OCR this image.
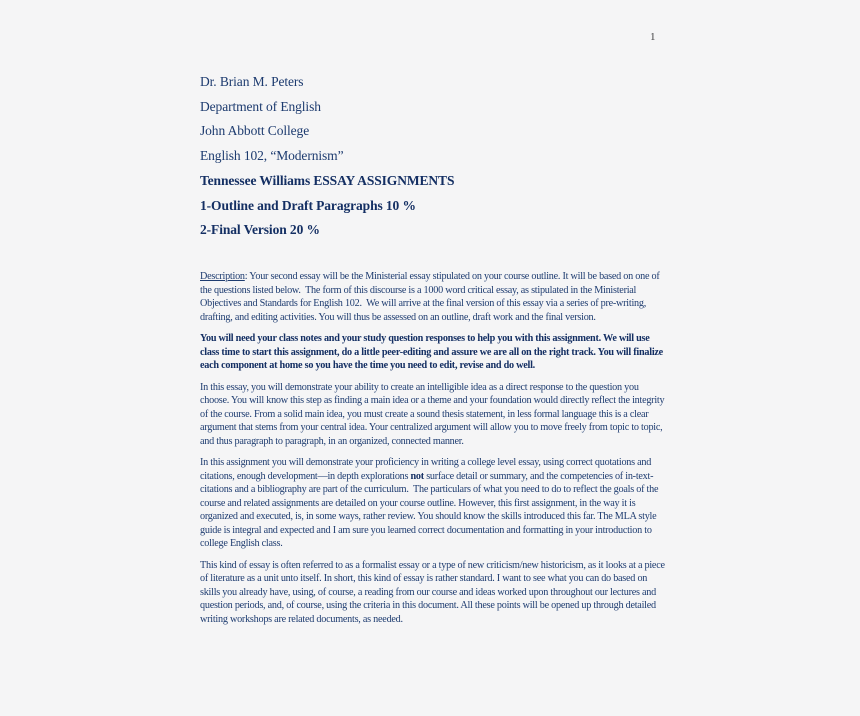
1
Dr. Brian M. Peters
Department of English
John Abbott College
English 102, “Modernism”
Tennessee Williams ESSAY ASSIGNMENTS
1-Outline and Draft Paragraphs 10 %
2-Final Version 20 %

Description: Your second essay will be the Ministerial essay stipulated on your course outline. It will be based on one of the questions listed below.  The form of this discourse is a 1000 word critical essay, as stipulated in the Ministerial Objectives and Standards for English 102.  We will arrive at the final version of this essay via a series of pre-writing, drafting, and editing activities. You will thus be assessed on an outline, draft work and the final version.

You will need your class notes and your study question responses to help you with this assignment. We will use class time to start this assignment, do a little peer-editing and assure we are all on the right track. You will finalize each component at home so you have the time you need to edit, revise and do well.

In this essay, you will demonstrate your ability to create an intelligible idea as a direct response to the question you choose. You will know this step as finding a main idea or a theme and your foundation would directly reflect the integrity of the course. From a solid main idea, you must create a sound thesis statement, in less formal language this is a clear argument that stems from your central idea. Your centralized argument will allow you to move freely from topic to topic, and thus paragraph to paragraph, in an organized, connected manner.

In this assignment you will demonstrate your proficiency in writing a college level essay, using correct quotations and citations, enough development—in depth explorations not surface detail or summary, and the competencies of in-text-citations and a bibliography are part of the curriculum.  The particulars of what you need to do to reflect the goals of the course and related assignments are detailed on your course outline. However, this first assignment, in the way it is organized and executed, is, in some ways, rather review. You should know the skills introduced this far. The MLA style guide is integral and expected and I am sure you learned correct documentation and formatting in your introduction to college English class.

This kind of essay is often referred to as a formalist essay or a type of new criticism/new historicism, as it looks at a piece of literature as a unit unto itself. In short, this kind of essay is rather standard. I want to see what you can do based on skills you already have, using, of course, a reading from our course and ideas worked upon throughout our lectures and question periods, and, of course, using the criteria in this document. All these points will be opened up through detailed writing workshops are related documents, as needed.
